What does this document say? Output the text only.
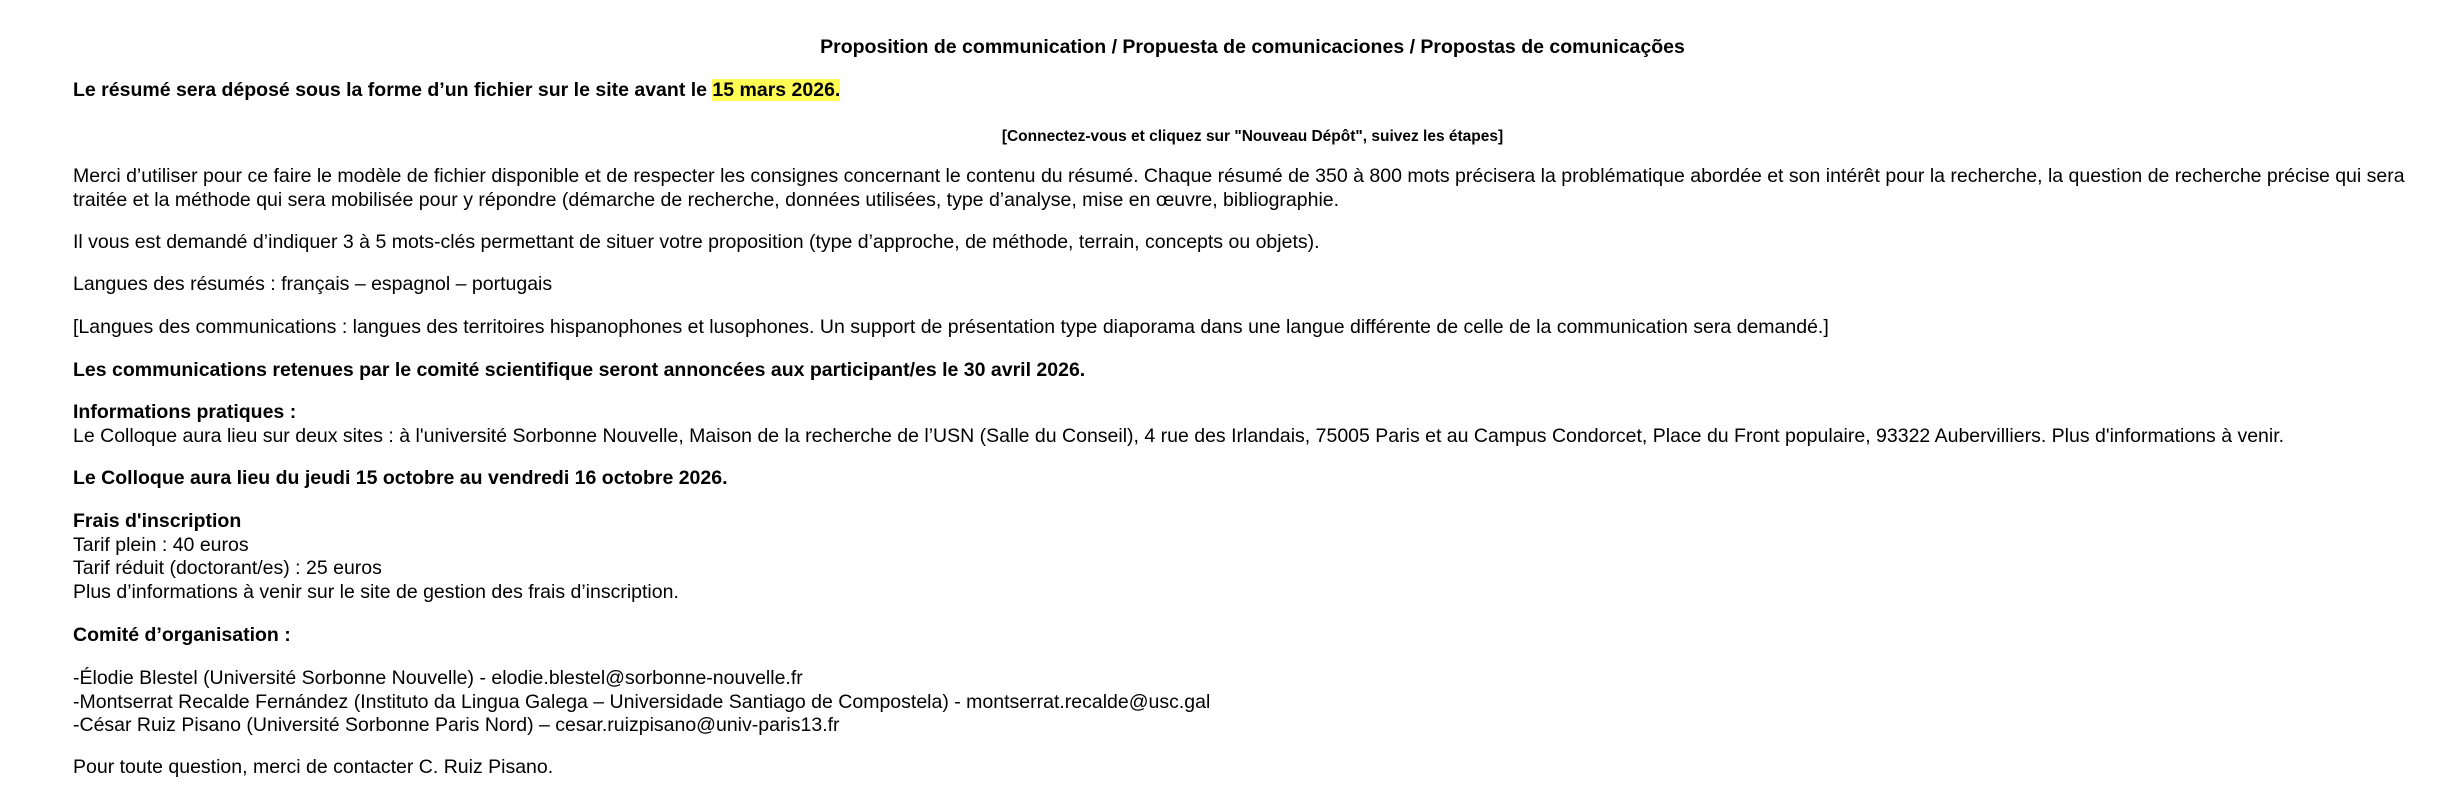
Proposition de communication / Propuesta de comunicaciones / Propostas de comunicações

Le résumé sera déposé sous la forme d’un fichier sur le site avant le 15 mars 2026.

[Connectez-vous et cliquez sur "Nouveau Dépôt", suivez les étapes]

Merci d’utiliser pour ce faire le modèle de fichier disponible et de respecter les consignes concernant le contenu du résumé. Chaque résumé de 350 à 800 mots précisera la problématique abordée et son intérêt pour la recherche, la question de recherche précise qui sera traitée et la méthode qui sera mobilisée pour y répondre (démarche de recherche, données utilisées, type d’analyse, mise en œuvre, bibliographie.

Il vous est demandé d’indiquer 3 à 5 mots-clés permettant de situer votre proposition (type d’approche, de méthode, terrain, concepts ou objets).

Langues des résumés : français – espagnol – portugais

[Langues des communications : langues des territoires hispanophones et lusophones. Un support de présentation type diaporama dans une langue différente de celle de la communication sera demandé.]

Les communications retenues par le comité scientifique seront annoncées aux participant/es le 30 avril 2026.

Informations pratiques :
Le Colloque aura lieu sur deux sites : à l'université Sorbonne Nouvelle, Maison de la recherche de l’USN (Salle du Conseil), 4 rue des Irlandais, 75005 Paris et au Campus Condorcet, Place du Front populaire, 93322 Aubervilliers. Plus d'informations à venir.

Le Colloque aura lieu du jeudi 15 octobre au vendredi 16 octobre 2026.

Frais d'inscription
Tarif plein : 40 euros
Tarif réduit (doctorant/es) : 25 euros
Plus d’informations à venir sur le site de gestion des frais d’inscription.

Comité d’organisation :

-Élodie Blestel (Université Sorbonne Nouvelle) - elodie.blestel@sorbonne-nouvelle.fr
-Montserrat Recalde Fernández (Instituto da Lingua Galega – Universidade Santiago de Compostela) - montserrat.recalde@usc.gal
-César Ruiz Pisano (Université Sorbonne Paris Nord) – cesar.ruizpisano@univ-paris13.fr

Pour toute question, merci de contacter C. Ruiz Pisano.
